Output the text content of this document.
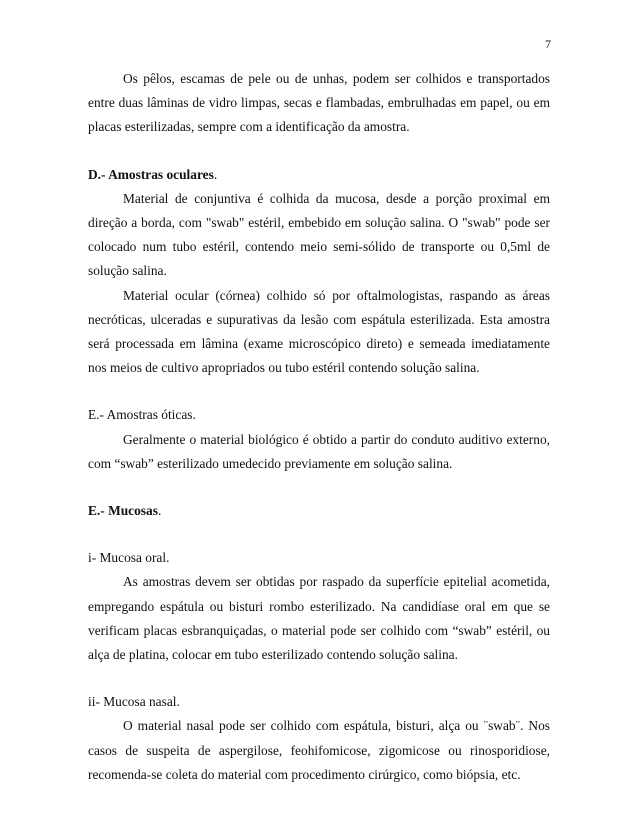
7

Os pêlos, escamas de pele ou de unhas, podem ser colhidos e transportados entre duas lâminas de vidro limpas, secas e flambadas, embrulhadas em papel, ou em placas esterilizadas, sempre com a identificação da amostra.

D.- Amostras oculares.

Material de conjuntiva é colhida da mucosa, desde a porção proximal em direção a borda, com "swab" estéril, embebido em solução salina. O "swab" pode ser colocado num tubo estéril, contendo meio semi-sólido de transporte ou 0,5ml de solução salina.

Material ocular (córnea) colhido só por oftalmologistas, raspando as áreas necróticas, ulceradas e supurativas da lesão com espátula esterilizada. Esta amostra será processada em lâmina (exame microscópico direto) e semeada imediatamente nos meios de cultivo apropriados ou tubo estéril contendo solução salina.

E.- Amostras óticas.

Geralmente o material biológico é obtido a partir do conduto auditivo externo, com “swab” esterilizado umedecido previamente em solução salina.

E.- Mucosas.

i- Mucosa oral.

As amostras devem ser obtidas por raspado da superfície epitelial acometida, empregando espátula ou bisturi rombo esterilizado. Na candidíase oral em que se verificam placas esbranquiçadas, o material pode ser colhido com “swab” estéril, ou alça de platina, colocar em tubo esterilizado contendo solução salina.

ii- Mucosa nasal.

O material nasal pode ser colhido com espátula, bisturi, alça ou ¨swab¨. Nos casos de suspeita de aspergilose, feohifomicose, zigomicose ou rinosporidiose, recomenda-se coleta do material com procedimento cirúrgico, como biópsia, etc.
